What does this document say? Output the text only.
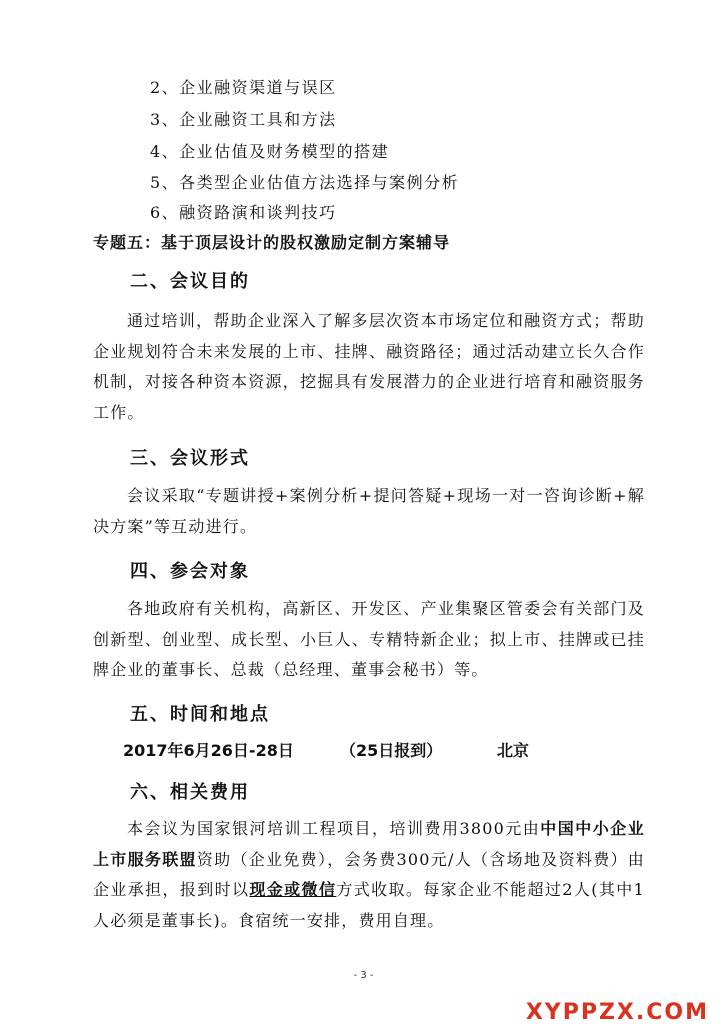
2、企业融资渠道与误区
3、企业融资工具和方法
4、企业估值及财务模型的搭建
5、各类型企业估值方法选择与案例分析
6、融资路演和谈判技巧
专题五：基于顶层设计的股权激励定制方案辅导
二、会议目的

通过培训，帮助企业深入了解多层次资本市场定位和融资方式；帮助企业规划符合未来发展的上市、挂牌、融资路径；通过活动建立长久合作机制，对接各种资本资源，挖掘具有发展潜力的企业进行培育和融资服务工作。

三、会议形式

会议采取“专题讲授+案例分析+提问答疑+现场一对一咨询诊断+解决方案”等互动进行。

四、参会对象

各地政府有关机构，高新区、开发区、产业集聚区管委会有关部门及创新型、创业型、成长型、小巨人、专精特新企业；拟上市、挂牌或已挂牌企业的董事长、总裁（总经理、董事会秘书）等。

五、时间和地点
2017年6月26日-28日	（25日报到）	北京
六、相关费用

本会议为国家银河培训工程项目，培训费用3800元由中国中小企业上市服务联盟资助（企业免费），会务费300元/人（含场地及资料费）由企业承担，报到时以现金或微信方式收取。每家企业不能超过2人(其中1人必须是董事长)。食宿统一安排，费用自理。

- 3 -
XYPPZX.COM
